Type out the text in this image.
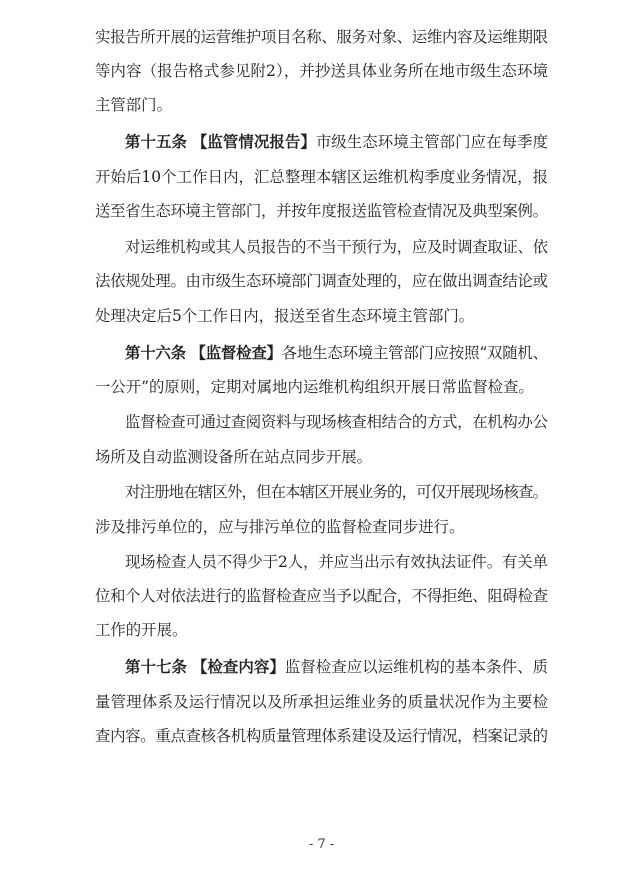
实报告所开展的运营维护项目名称、服务对象、运维内容及运维期限
等内容（报告格式参见附2），并抄送具体业务所在地市级生态环境
主管部门。
第十五条 【监管情况报告】市级生态环境主管部门应在每季度
开始后10个工作日内，汇总整理本辖区运维机构季度业务情况，报
送至省生态环境主管部门，并按年度报送监管检查情况及典型案例。
对运维机构或其人员报告的不当干预行为，应及时调查取证、依
法依规处理。由市级生态环境部门调查处理的，应在做出调查结论或
处理决定后5个工作日内，报送至省生态环境主管部门。
第十六条 【监督检查】各地生态环境主管部门应按照“双随机、
一公开”的原则，定期对属地内运维机构组织开展日常监督检查。
监督检查可通过查阅资料与现场核查相结合的方式，在机构办公
场所及自动监测设备所在站点同步开展。
对注册地在辖区外，但在本辖区开展业务的，可仅开展现场核查。
涉及排污单位的，应与排污单位的监督检查同步进行。
现场检查人员不得少于2人，并应当出示有效执法证件。有关单
位和个人对依法进行的监督检查应当予以配合，不得拒绝、阻碍检查
工作的开展。
第十七条 【检查内容】监督检查应以运维机构的基本条件、质
量管理体系及运行情况以及所承担运维业务的质量状况作为主要检
查内容。重点查核各机构质量管理体系建设及运行情况，档案记录的
- 7 -
